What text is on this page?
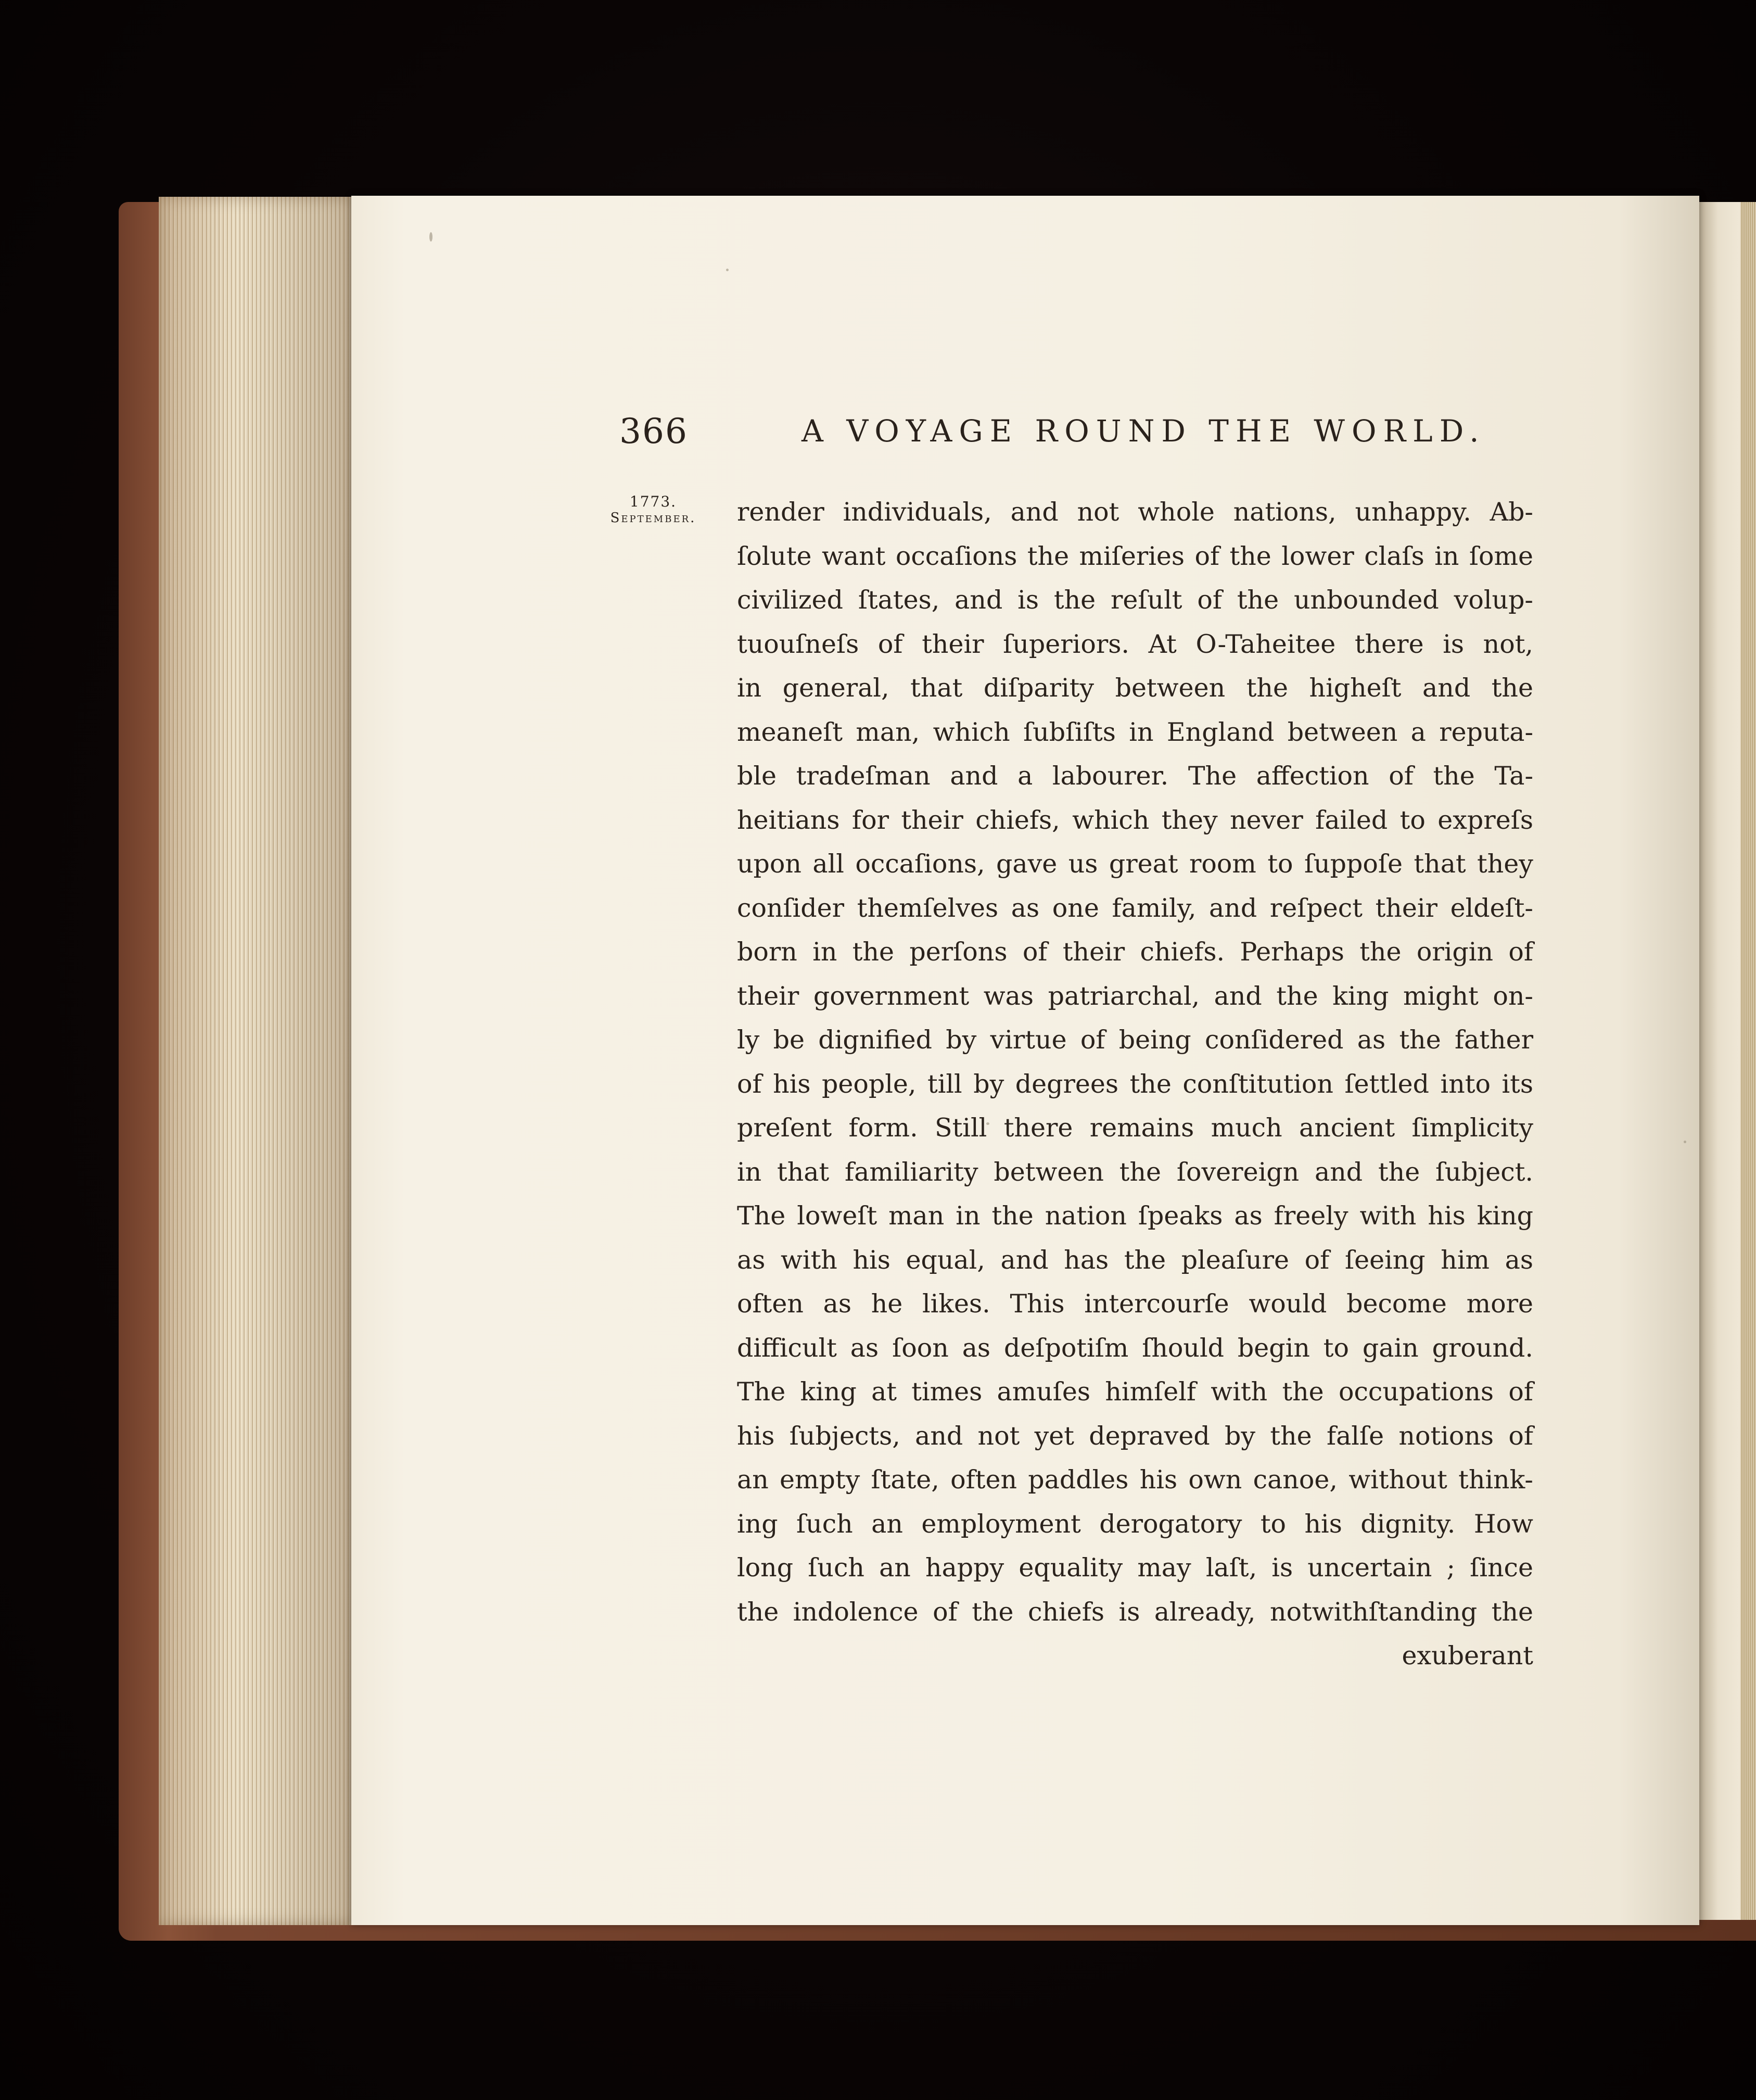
366	A VOYAGE ROUND THE WORLD.
1773.
September.	render individuals, and not whole nations, unhappy. Ab-
ſolute want occaſions the miſeries of the lower claſs in ſome
civilized ſtates, and is the reſult of the unbounded volup-
tuouſneſs of their ſuperiors. At O-Taheitee there is not,
in general, that diſparity between the higheſt and the
meaneſt man, which ſubſiſts in England between a reputa-
ble tradeſman and a labourer. The affection of the Ta-
heitians for their chiefs, which they never failed to expreſs
upon all occaſions, gave us great room to ſuppoſe that they
conſider themſelves as one family, and reſpect their eldeſt-
born in the perſons of their chiefs. Perhaps the origin of
their government was patriarchal, and the king might on-
ly be dignified by virtue of being conſidered as the father
of his people, till by degrees the conſtitution ſettled into its
preſent form. Still there remains much ancient ſimplicity
in that familiarity between the ſovereign and the ſubject.
The loweſt man in the nation ſpeaks as freely with his king
as with his equal, and has the pleaſure of ſeeing him as
often as he likes. This intercourſe would become more
difficult as ſoon as deſpotiſm ſhould begin to gain ground.
The king at times amuſes himſelf with the occupations of
his ſubjects, and not yet depraved by the falſe notions of
an empty ſtate, often paddles his own canoe, without think-
ing ſuch an employment derogatory to his dignity. How
long ſuch an happy equality may laſt, is uncertain ; ſince
the indolence of the chiefs is already, notwithſtanding the
exuberant
